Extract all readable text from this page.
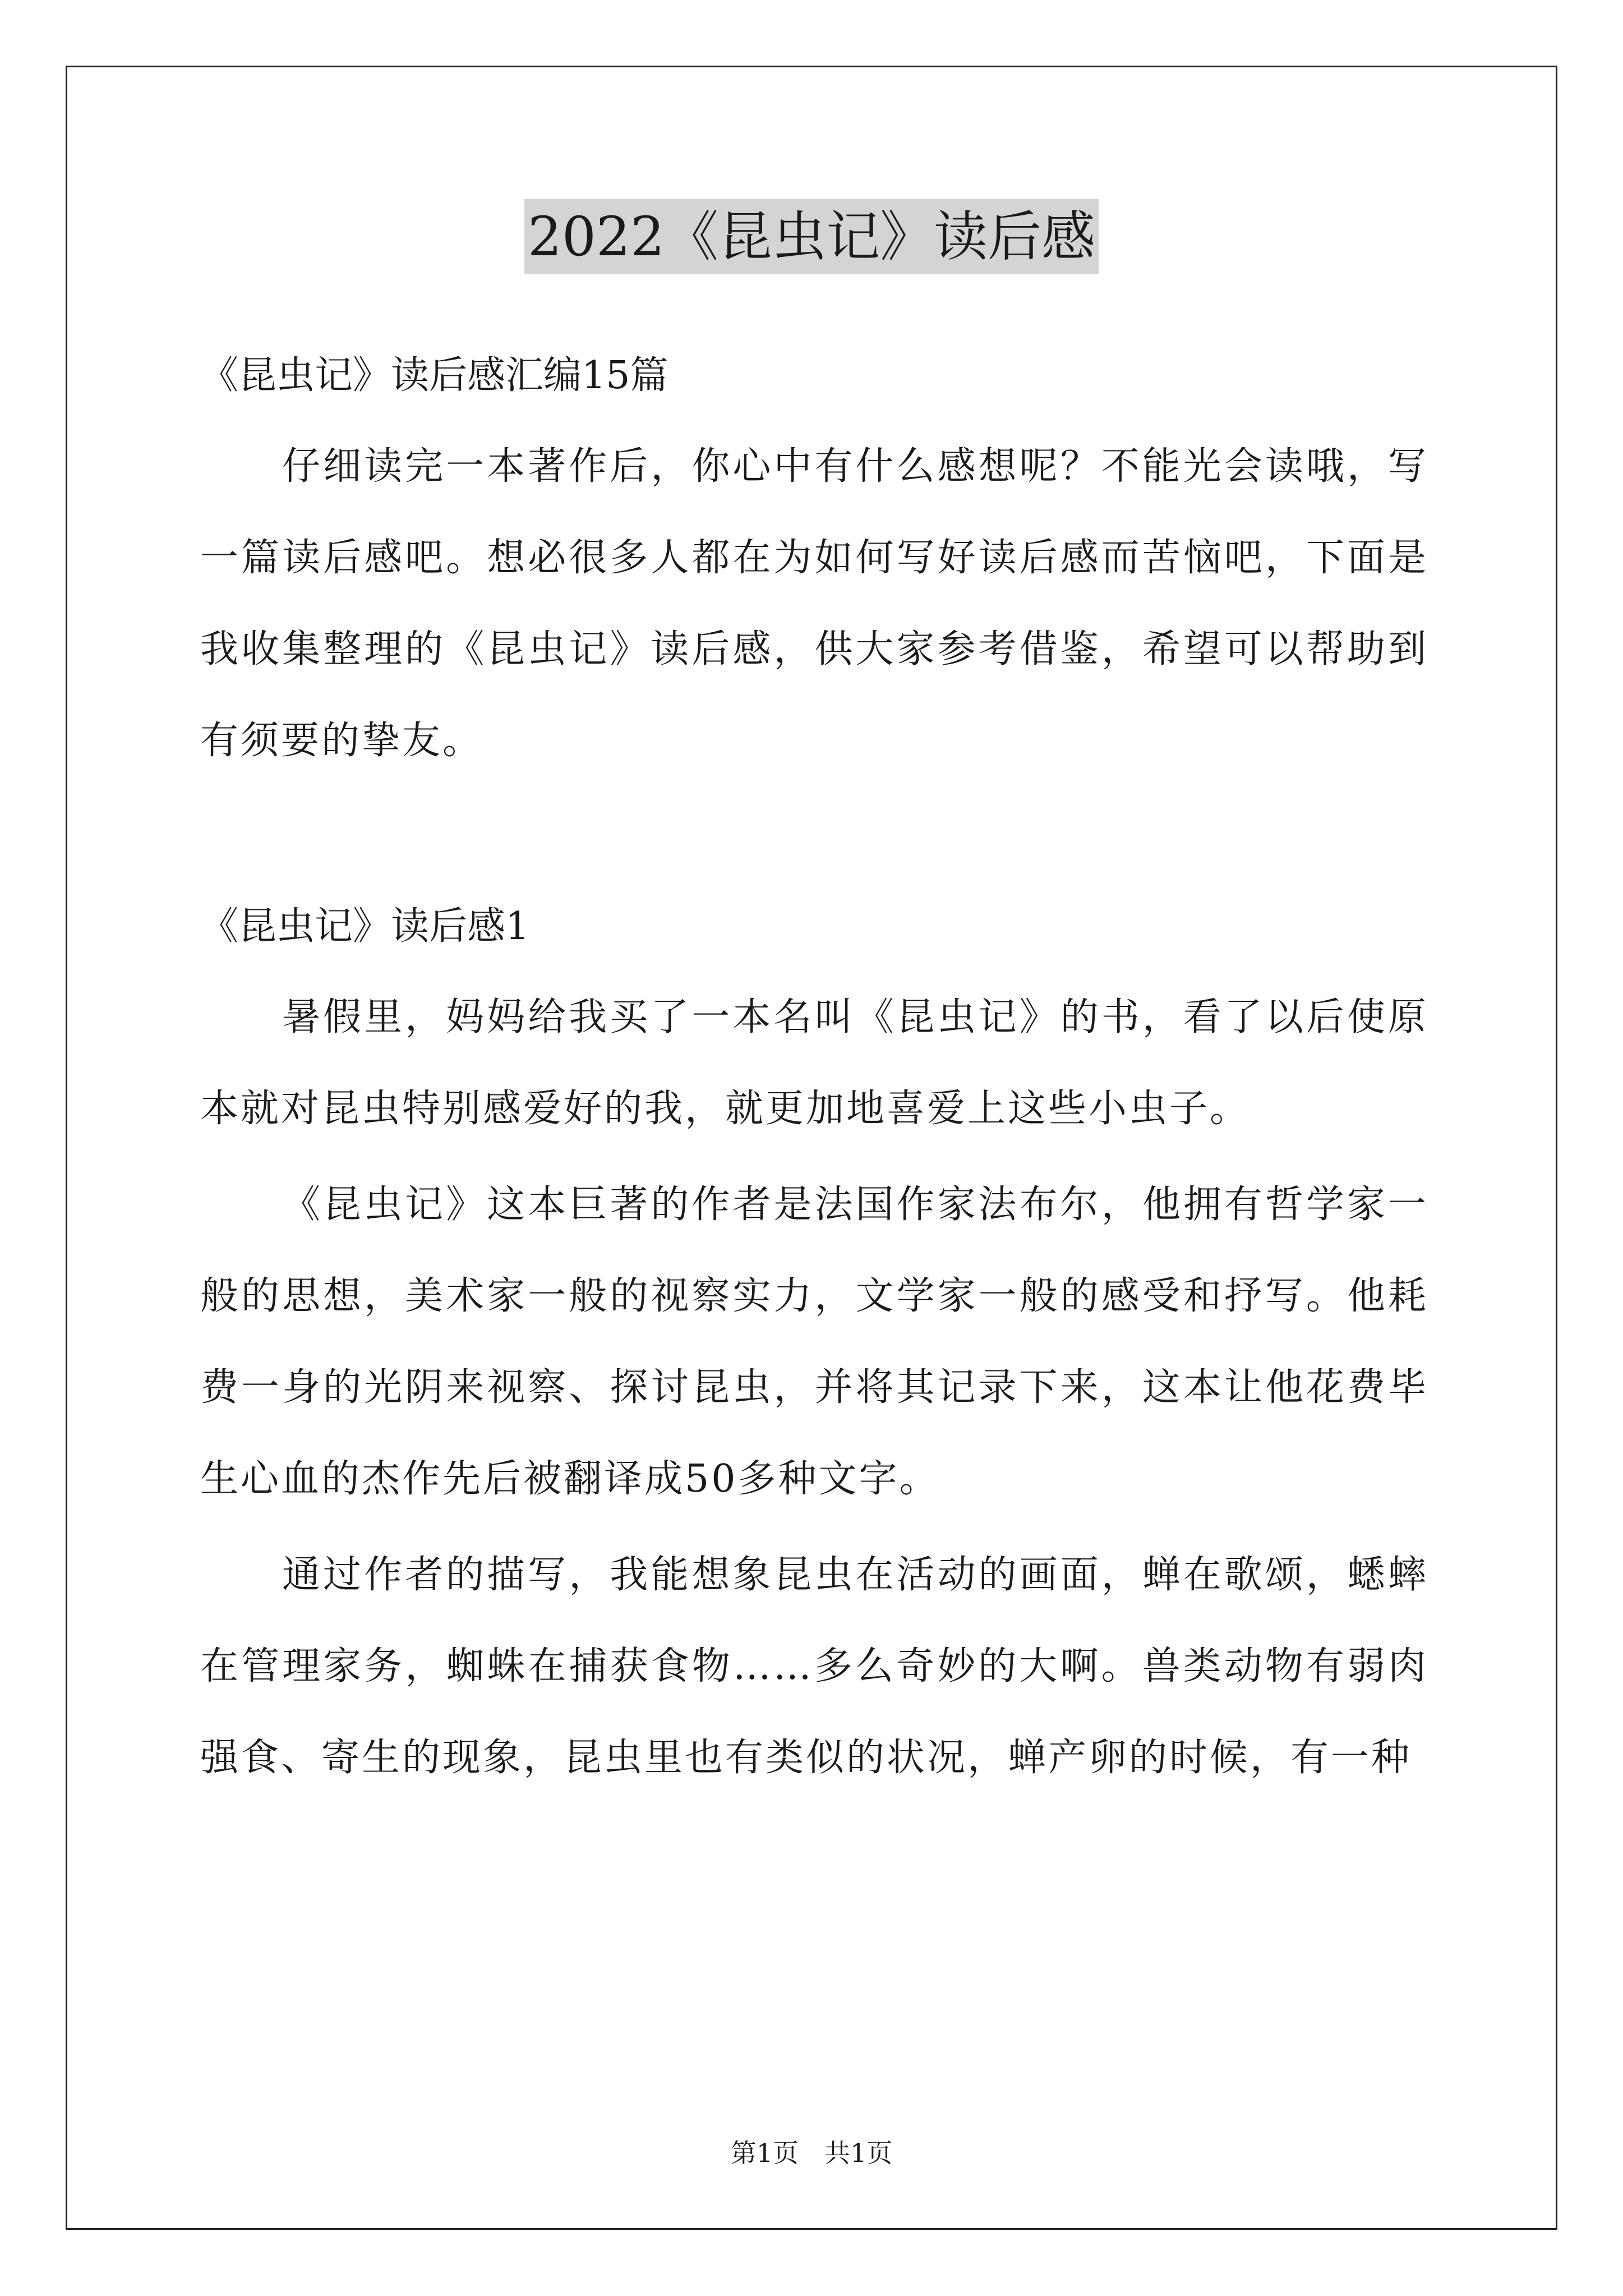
2022《昆虫记》读后感

《昆虫记》读后感汇编15篇

仔细读完一本著作后，你心中有什么感想呢？不能光会读哦，写一篇读后感吧。想必很多人都在为如何写好读后感而苦恼吧，下面是我收集整理的《昆虫记》读后感，供大家参考借鉴，希望可以帮助到有须要的挚友。

《昆虫记》读后感1

暑假里，妈妈给我买了一本名叫《昆虫记》的书，看了以后使原本就对昆虫特别感爱好的我，就更加地喜爱上这些小虫子。

《昆虫记》这本巨著的作者是法国作家法布尔，他拥有哲学家一般的思想，美术家一般的视察实力，文学家一般的感受和抒写。他耗费一身的光阴来视察、探讨昆虫，并将其记录下来，这本让他花费毕生心血的杰作先后被翻译成50多种文字。

通过作者的描写，我能想象昆虫在活动的画面，蝉在歌颂，蟋蟀在管理家务，蜘蛛在捕获食物……多么奇妙的大啊。兽类动物有弱肉强食、寄生的现象，昆虫里也有类似的状况，蝉产卵的时候，有一种

第1页　共1页
